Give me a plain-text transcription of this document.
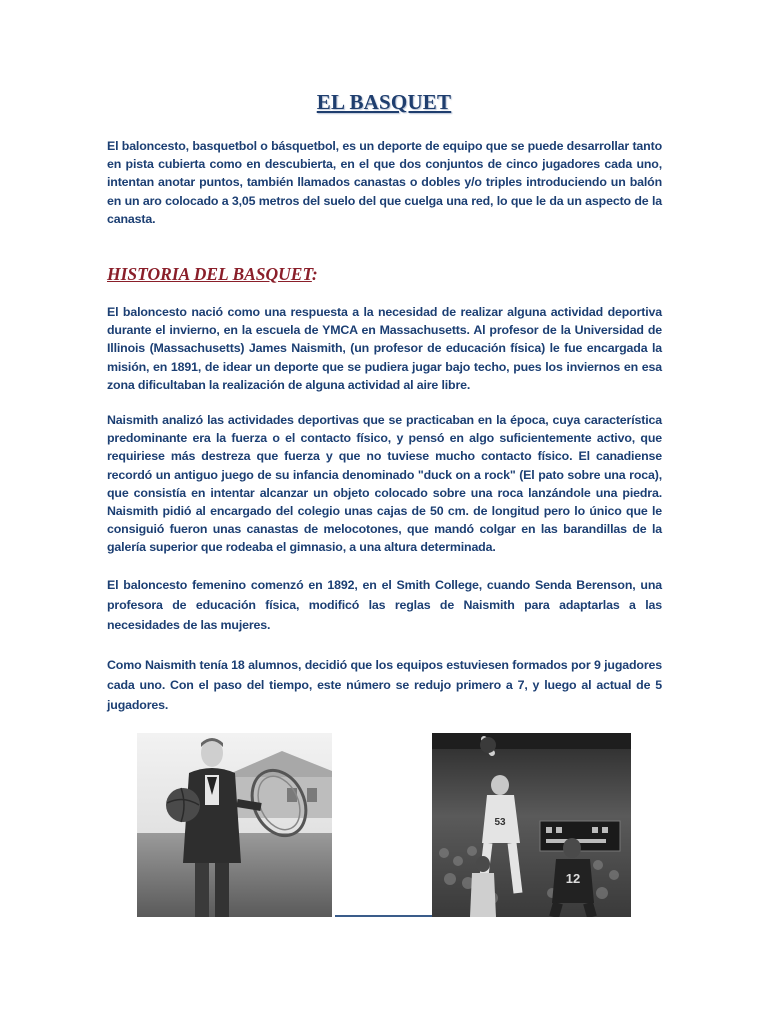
EL BASQUET
El baloncesto, basquetbol o básquetbol, es un deporte de equipo que se puede desarrollar tanto en pista cubierta como en descubierta, en el que dos conjuntos de cinco jugadores cada uno, intentan anotar puntos, también llamados canastas o dobles y/o triples introduciendo un balón en un aro colocado a 3,05 metros del suelo del que cuelga una red, lo que le da un aspecto de la canasta.
HISTORIA DEL BASQUET:
El baloncesto nació como una respuesta a la necesidad de realizar alguna actividad deportiva durante el invierno, en la escuela de YMCA en Massachusetts. Al profesor de la Universidad de Illinois (Massachusetts) James Naismith, (un profesor de educación física) le fue encargada la misión, en 1891, de idear un deporte que se pudiera jugar bajo techo, pues los inviernos en esa zona dificultaban la realización de alguna actividad al aire libre.
Naismith analizó las actividades deportivas que se practicaban en la época, cuya característica predominante era la fuerza o el contacto físico, y pensó en algo suficientemente activo, que requiriese más destreza que fuerza y que no tuviese mucho contacto físico. El canadiense recordó un antiguo juego de su infancia denominado "duck on a rock" (El pato sobre una roca), que consistía en intentar alcanzar un objeto colocado sobre una roca lanzándole una piedra. Naismith pidió al encargado del colegio unas cajas de 50 cm. de longitud pero lo único que le consiguió fueron unas canastas de melocotones, que mandó colgar en las barandillas de la galería superior que rodeaba el gimnasio, a una altura determinada.
El baloncesto femenino comenzó en 1892, en el Smith College, cuando Senda Berenson, una profesora de educación física, modificó las reglas de Naismith para adaptarlas a las necesidades de las mujeres.
Como Naismith tenía 18 alumnos, decidió que los equipos estuviesen formados por 9 jugadores cada uno. Con el paso del tiempo, este número se redujo primero a 7, y luego al actual de 5 jugadores.
53
12
